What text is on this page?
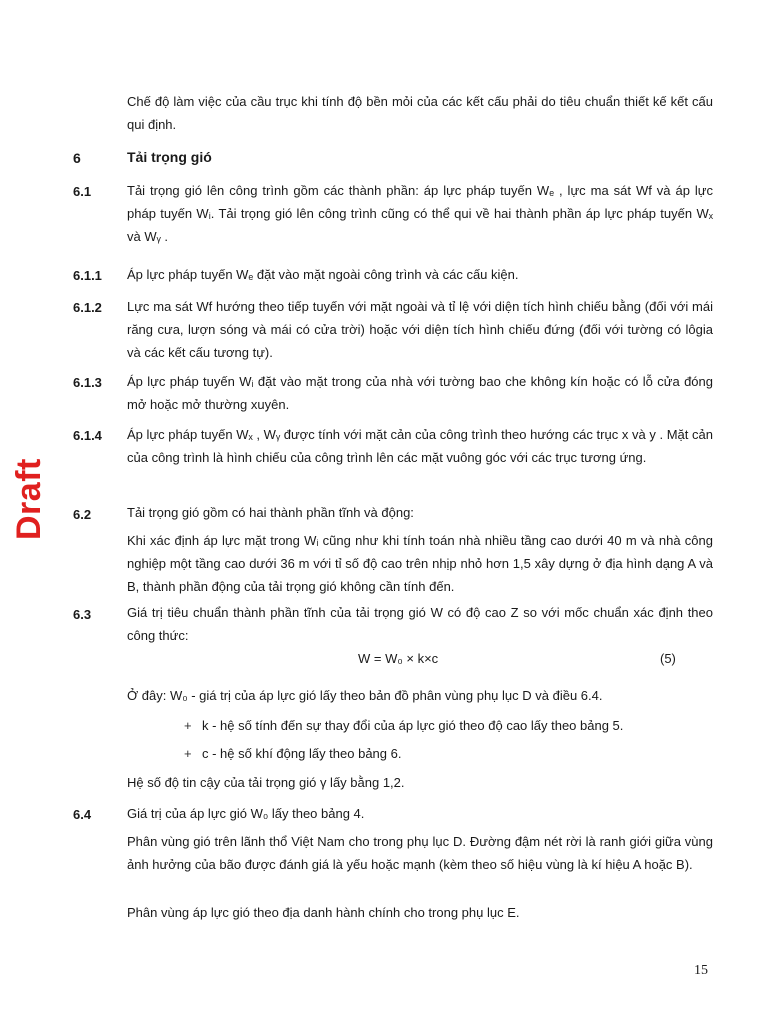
Draft

Chế độ làm việc của cầu trục khi tính độ bền mỏi của các kết cấu phải do tiêu chuẩn thiết kế kết cấu qui định.

6	Tải trọng gió
6.1	Tải trọng gió lên công trình gồm các thành phần: áp lực pháp tuyến Wₑ , lực ma sát Wf và áp lực pháp tuyến Wᵢ. Tải trọng gió lên công trình cũng có thể qui về hai thành phần áp lực pháp tuyến Wₓ và Wᵧ .

6.1.1 Áp lực pháp tuyến Wₑ đặt vào mặt ngoài công trình và các cấu kiện.

6.1.2 Lực ma sát Wf hướng theo tiếp tuyến với mặt ngoài và tỉ lệ với diện tích hình chiếu bằng (đối với mái răng cưa, lượn sóng và mái có cửa trời) hoặc với diện tích hình chiếu đứng (đối với tường có lôgia và các kết cấu tương tự).

6.1.3 Áp lực pháp tuyến Wᵢ đặt vào mặt trong của nhà với tường bao che không kín hoặc có lỗ cửa đóng mở hoặc mở thường xuyên.

6.1.4 Áp lực pháp tuyến Wₓ , Wᵧ được tính với mặt cản của công trình theo hướng các trục x và y . Mặt cản của công trình là hình chiếu của công trình lên các mặt vuông góc với các trục tương ứng.

6.2	Tải trọng gió gồm có hai thành phần tĩnh và động:

Khi xác định áp lực mặt trong Wᵢ cũng như khi tính toán nhà nhiều tầng cao dưới 40 m và nhà công nghiệp một tầng cao dưới 36 m với tỉ số độ cao trên nhịp nhỏ hơn 1,5 xây dựng ở địa hình dạng A và B, thành phần động của tải trọng gió không cần tính đến.

6.3	Giá trị tiêu chuẩn thành phần tĩnh của tải trọng gió W có độ cao Z so với mốc chuẩn xác định theo công thức:

W = W₀ × k×c	(5)

Ở đây: W₀ - giá trị của áp lực gió lấy theo bản đồ phân vùng phụ lục D và điều 6.4.

+ k - hệ số tính đến sự thay đổi của áp lực gió theo độ cao lấy theo bảng 5.
+ c - hệ số khí động lấy theo bảng 6.

Hệ số độ tin cậy của tải trọng gió γ lấy bằng 1,2.

6.4	Giá trị của áp lực gió W₀ lấy theo bảng 4.

Phân vùng gió trên lãnh thổ Việt Nam cho trong phụ lục D. Đường đậm nét rời là ranh giới giữa vùng ảnh hưởng của bão được đánh giá là yếu hoặc mạnh (kèm theo số hiệu vùng là kí hiệu A hoặc B).

Phân vùng áp lực gió theo địa danh hành chính cho trong phụ lục E.

15
